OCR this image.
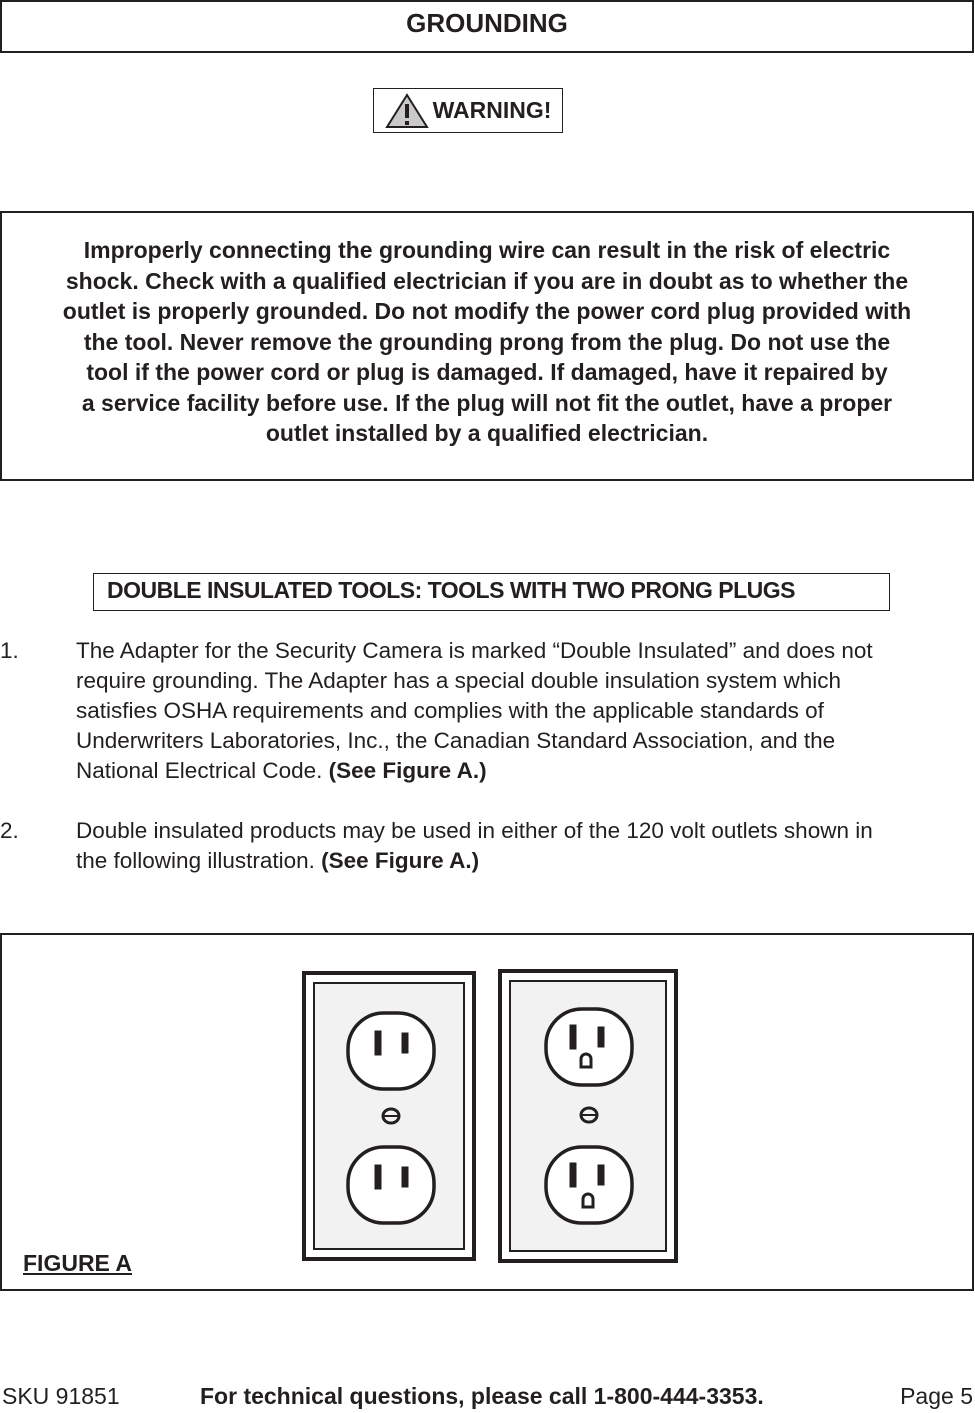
GROUNDING
WARNING!
Improperly connecting the grounding wire can result in the risk of electric
shock. Check with a qualified electrician if you are in doubt as to whether the
outlet is properly grounded. Do not modify the power cord plug provided with
the tool. Never remove the grounding prong from the plug. Do not use the
tool if the power cord or plug is damaged. If damaged, have it repaired by
a service facility before use. If the plug will not fit the outlet, have a proper
outlet installed by a qualified electrician.
DOUBLE INSULATED TOOLS: TOOLS WITH TWO PRONG PLUGS
1.	The Adapter for the Security Camera is marked “Double Insulated” and does not
require grounding. The Adapter has a special double insulation system which
satisfies OSHA requirements and complies with the applicable standards of
Underwriters Laboratories, Inc., the Canadian Standard Association, and the
National Electrical Code. (See Figure A.)
2.	Double insulated products may be used in either of the 120 volt outlets shown in
the following illustration. (See Figure A.)
FIGURE A
SKU 91851	For technical questions, please call 1-800-444-3353.	Page 5
